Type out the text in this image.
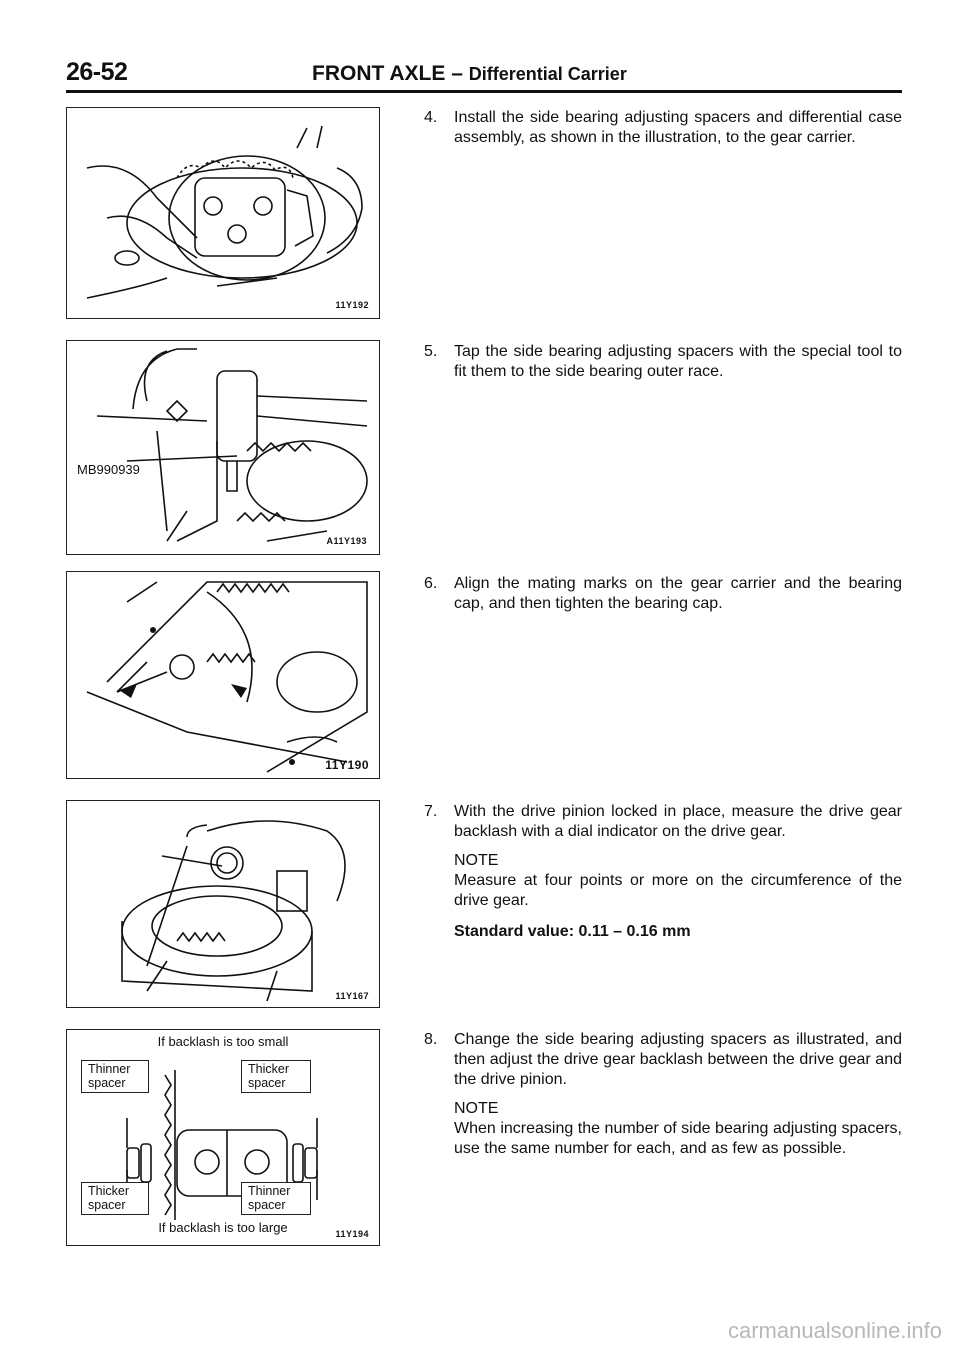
26-52	FRONT AXLE – Differential Carrier
11Y192
MB990939
A11Y193
11Y190
11Y167
If backlash is too small
Thinner spacer
Thicker spacer
Thicker spacer
Thinner spacer
If backlash is too large	11Y194
4. Install the side bearing adjusting spacers and differential case assembly, as shown in the illustration, to the gear carrier.
5. Tap the side bearing adjusting spacers with the special tool to fit them to the side bearing outer race.
6. Align the mating marks on the gear carrier and the bearing cap, and then tighten the bearing cap.
7. With the drive pinion locked in place, measure the drive gear backlash with a dial indicator on the drive gear.
NOTE
Measure at four points or more on the circumference of the drive gear.
Standard value: 0.11 – 0.16 mm
8. Change the side bearing adjusting spacers as illustrated, and then adjust the drive gear backlash between the drive gear and the drive pinion.
NOTE
When increasing the number of side bearing adjusting spacers, use the same number for each, and as few as possible.
carmanualsonline.info
